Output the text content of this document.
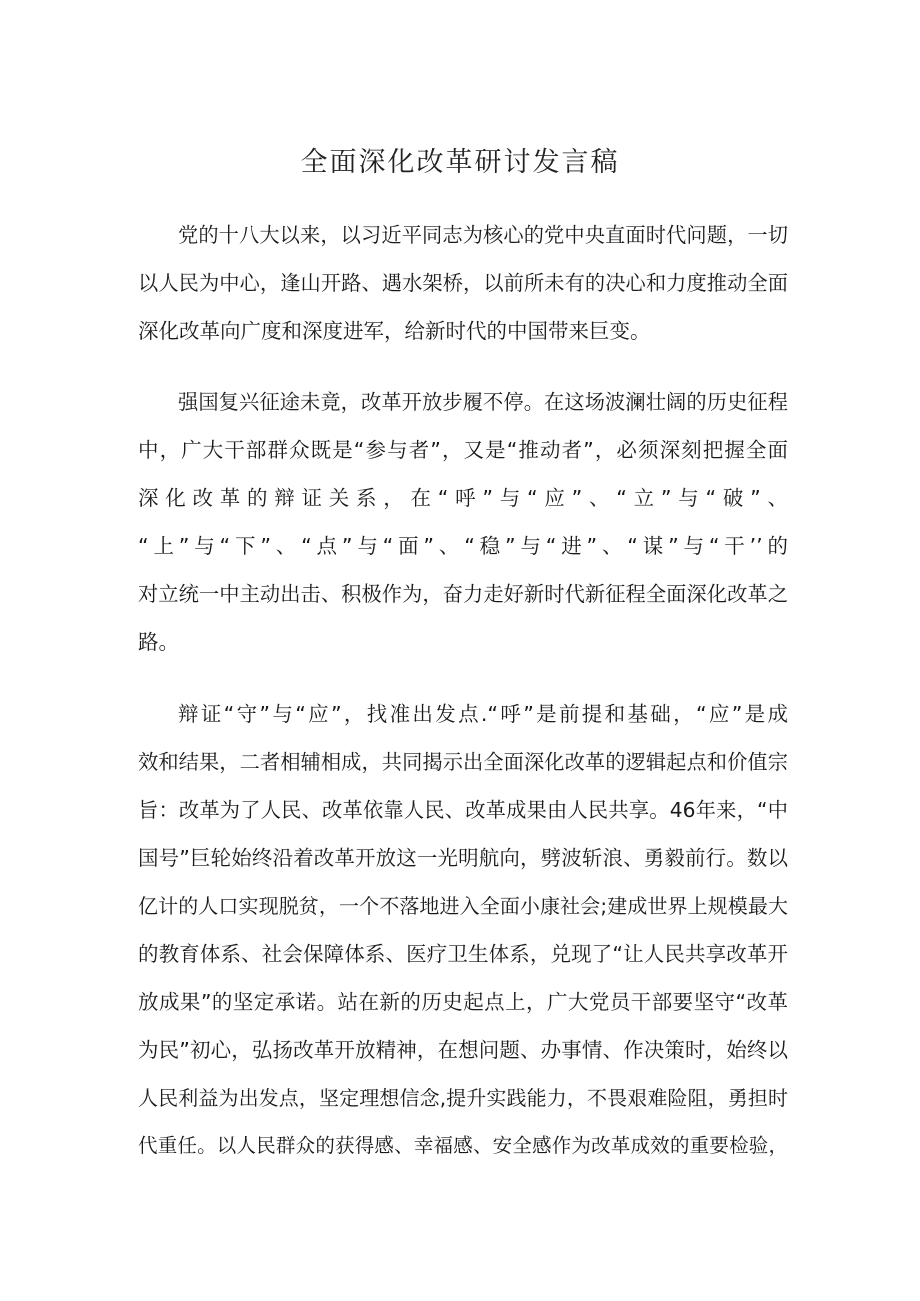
全面深化改革研讨发言稿
党的十八大以来，以习近平同志为核心的党中央直面时代问题，一切
以人民为中心，逢山开路、遇水架桥，以前所未有的决心和力度推动全面
深化改革向广度和深度进军，给新时代的中国带来巨变。
强国复兴征途未竟，改革开放步履不停。在这场波澜壮阔的历史征程
中，广大干部群众既是“参与者”，又是“推动者”，必须深刻把握全面
深化改革的辩证关系，在“呼”与“应”、“立”与“破”、
“上”与“下”、“点”与“面”、“稳”与“进”、“谋”与“干’’的
对立统一中主动出击、积极作为，奋力走好新时代新征程全面深化改革之
路。
辩证“守”与“应”，找准出发点.“呼”是前提和基础，“应”是成
效和结果，二者相辅相成，共同揭示出全面深化改革的逻辑起点和价值宗
旨：改革为了人民、改革依靠人民、改革成果由人民共享。46年来，“中
国号”巨轮始终沿着改革开放这一光明航向，劈波斩浪、勇毅前行。数以
亿计的人口实现脱贫，一个不落地进入全面小康社会;建成世界上规模最大
的教育体系、社会保障体系、医疗卫生体系，兑现了“让人民共享改革开
放成果”的坚定承诺。站在新的历史起点上，广大党员干部要坚守“改革
为民”初心，弘扬改革开放精神，在想问题、办事情、作决策时，始终以
人民利益为出发点，坚定理想信念,提升实践能力，不畏艰难险阻，勇担时
代重任。以人民群众的获得感、幸福感、安全感作为改革成效的重要检验，
